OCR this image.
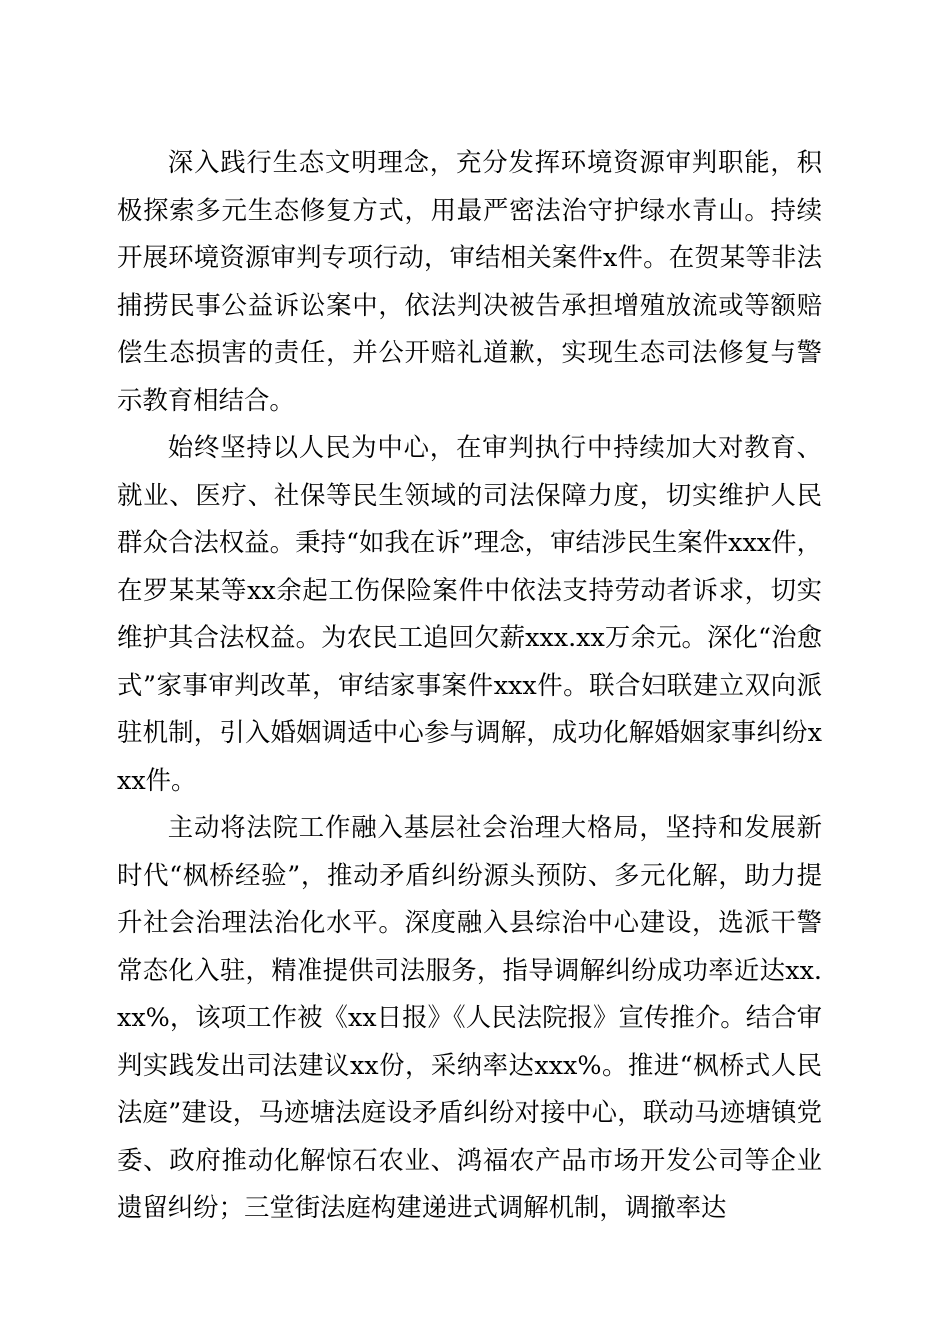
深入践行生态文明理念，充分发挥环境资源审判职能，积极探索多元生态修复方式，用最严密法治守护绿水青山。持续开展环境资源审判专项行动，审结相关案件x件。在贺某等非法捕捞民事公益诉讼案中，依法判决被告承担增殖放流或等额赔偿生态损害的责任，并公开赔礼道歉，实现生态司法修复与警示教育相结合。

始终坚持以人民为中心，在审判执行中持续加大对教育、就业、医疗、社保等民生领域的司法保障力度，切实维护人民群众合法权益。秉持“如我在诉”理念，审结涉民生案件xxx件，在罗某某等xx余起工伤保险案件中依法支持劳动者诉求，切实维护其合法权益。为农民工追回欠薪xxx.xx万余元。深化“治愈式”家事审判改革，审结家事案件xxx件。联合妇联建立双向派驻机制，引入婚姻调适中心参与调解，成功化解婚姻家事纠纷xxx件。

主动将法院工作融入基层社会治理大格局，坚持和发展新时代“枫桥经验”，推动矛盾纠纷源头预防、多元化解，助力提升社会治理法治化水平。深度融入县综治中心建设，选派干警常态化入驻，精准提供司法服务，指导调解纠纷成功率近达xx.xx%，该项工作被《xx日报》《人民法院报》宣传推介。结合审判实践发出司法建议xx份，采纳率达xxx%。推进“枫桥式人民法庭”建设，马迹塘法庭设矛盾纠纷对接中心，联动马迹塘镇党委、政府推动化解惊石农业、鸿福农产品市场开发公司等企业遗留纠纷；三堂街法庭构建递进式调解机制，调撤率达
